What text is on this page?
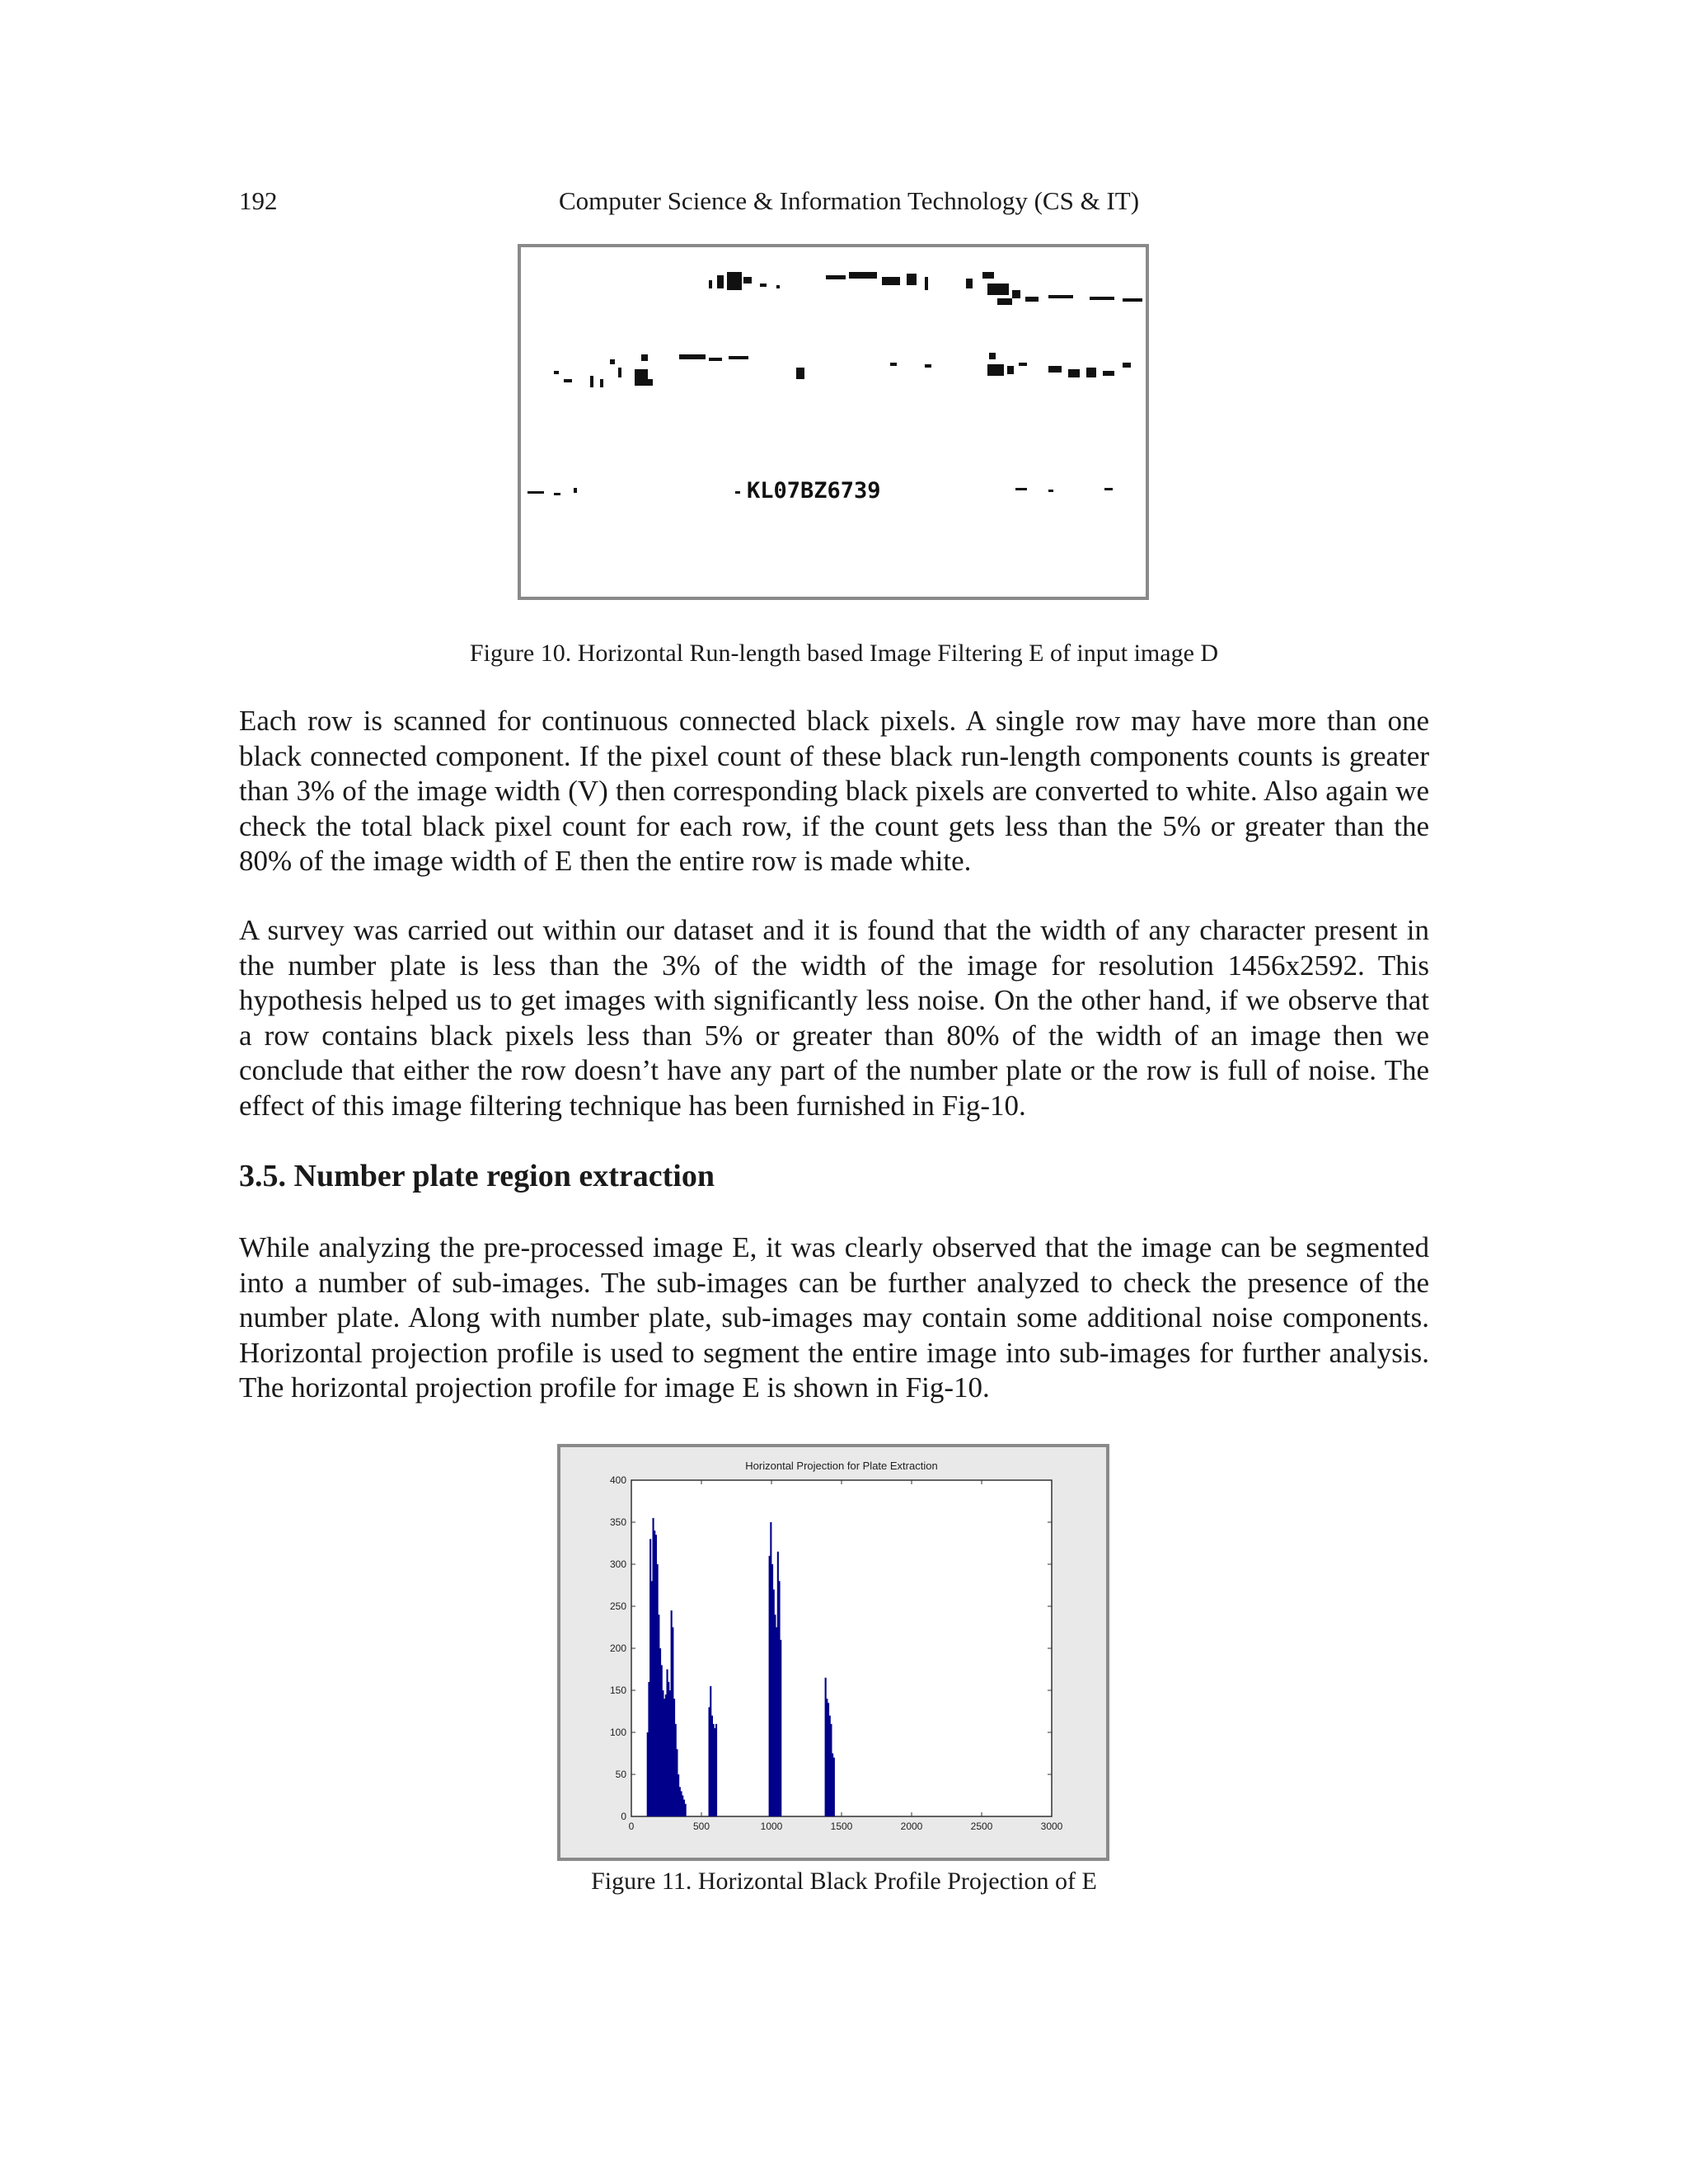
192	Computer Science & Information Technology (CS & IT)
KL07BZ6739
Figure 10. Horizontal Run-length based Image Filtering E of input image D

Each row is scanned for continuous connected black pixels. A single row may have more than one black connected component. If the pixel count of these black run-length components counts is greater than 3% of the image width (V) then corresponding black pixels are converted to white. Also again we check the total black pixel count for each row, if the count gets less than the 5% or greater than the 80% of the image width of E then the entire row is made white.

A survey was carried out within our dataset and it is found that the width of any character present in the number plate is less than the 3% of the width of the image for resolution 1456x2592. This hypothesis helped us to get images with significantly less noise. On the other hand, if we observe that a row contains black pixels less than 5% or greater than 80% of the width of an image then we conclude that either the row doesn’t have any part of the number plate or the row is full of noise. The effect of this image filtering technique has been furnished in Fig-10.

3.5. Number plate region extraction

While analyzing the pre-processed image E, it was clearly observed that the image can be segmented into a number of sub-images. The sub-images can be further analyzed to check the presence of the number plate. Along with number plate, sub-images may contain some additional noise components. Horizontal projection profile is used to segment the entire image into sub-images for further analysis. The horizontal projection profile for image E is shown in Fig-10.

Horizontal Projection for Plate Extraction
0
50
100
150
200
250
300
350
400
0	500	1000	1500	2000	2500	3000
Figure 11. Horizontal Black Profile Projection of E
